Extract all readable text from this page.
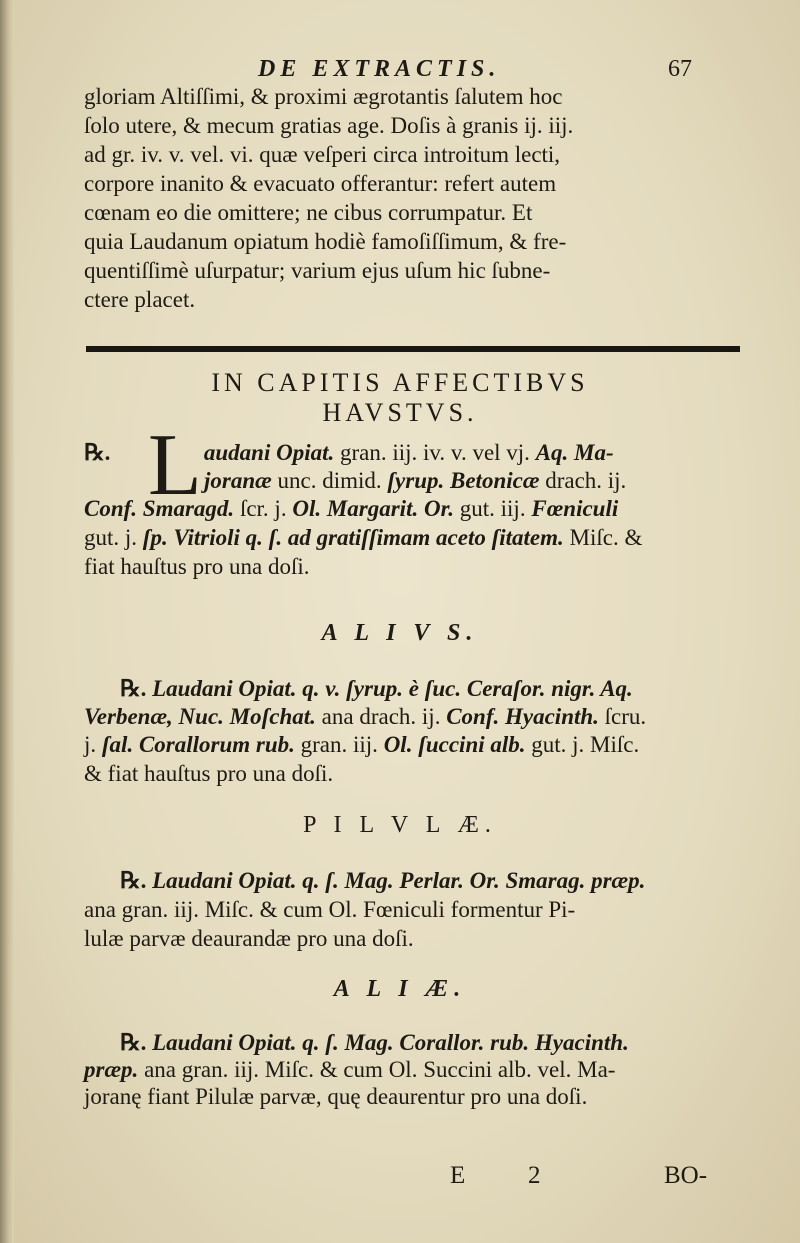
DE EXTRACTIS.	67
gloriam Altiſſimi, & proximi ægrotantis ſalutem hoc
ſolo utere, & mecum gratias age. Doſis à granis ij. iij.
ad gr. iv. v. vel. vi. quæ veſperi circa introitum lecti,
corpore inanito & evacuato offerantur: refert autem
cœnam eo die omittere; ne cibus corrumpatur. Et
quia Laudanum opiatum hodiè famoſiſſimum, & fre-
quentiſſimè uſurpatur; varium ejus uſum hic ſubne-
ctere placet.
IN CAPITIS AFFECTIBVS
HAVSTVS.
L
℞.	audani Opiat. gran. iij. iv. v. vel vj. Aq. Ma-
joranæ unc. dimid. ſyrup. Betonicæ drach. ij.
Conf. Smaragd. ſcr. j. Ol. Margarit. Or. gut. iij. Fœniculi
gut. j. ſp. Vitrioli q. ſ. ad gratiſſimam aceto ſitatem. Miſc. &
fiat hauſtus pro una doſi.
A L I V S.
℞. Laudani Opiat. q. v. ſyrup. è ſuc. Ceraſor. nigr. Aq.
Verbenæ, Nuc. Moſchat. ana drach. ij. Conf. Hyacinth. ſcru.
j. ſal. Corallorum rub. gran. iij. Ol. ſuccini alb. gut. j. Miſc.
& fiat hauſtus pro una doſi.
P I L V L Æ.
℞. Laudani Opiat. q. ſ. Mag. Perlar. Or. Smarag. præp.
ana gran. iij. Miſc. & cum Ol. Fœniculi formentur Pi-
lulæ parvæ deaurandæ pro una doſi.
A L I Æ.
℞. Laudani Opiat. q. ſ. Mag. Corallor. rub. Hyacinth.
præp. ana gran. iij. Miſc. & cum Ol. Succini alb. vel. Ma-
joranę fiant Pilulæ parvæ, quę deaurentur pro una doſi.
E	2	BO-
